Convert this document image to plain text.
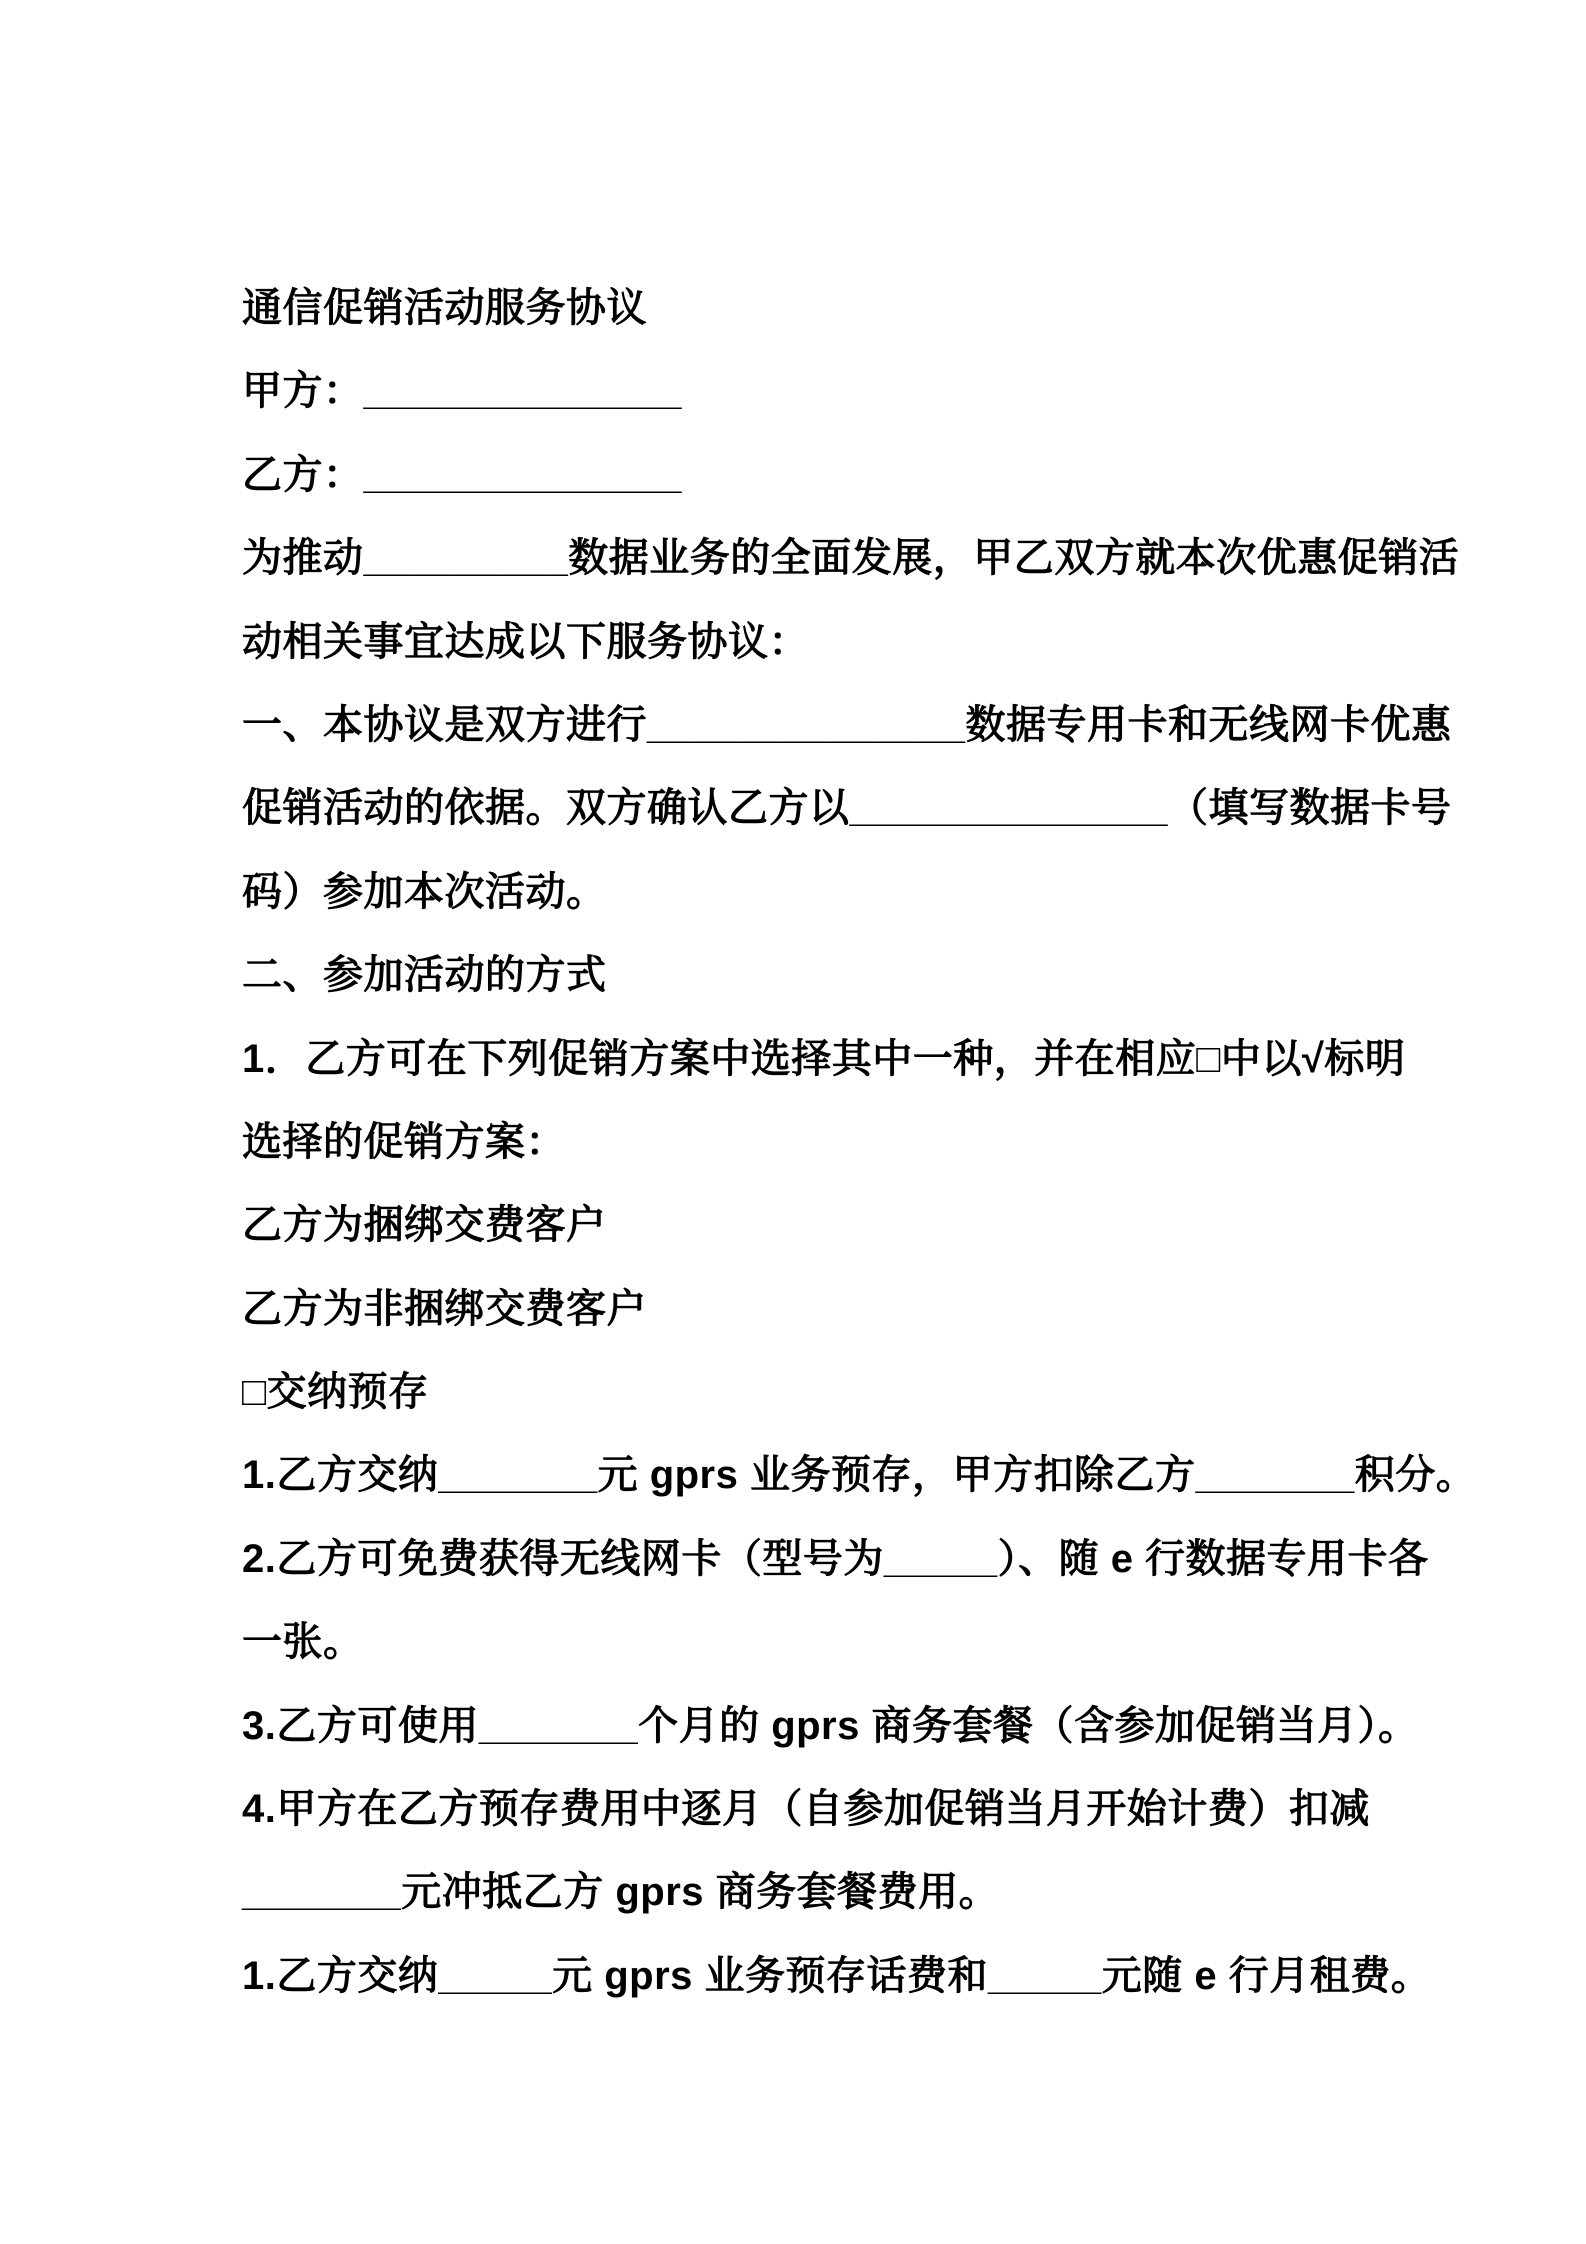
通信促销活动服务协议
甲方：______________
乙方：______________
为推动_________数据业务的全面发展，甲乙双方就本次优惠促销活
动相关事宜达成以下服务协议：
一、本协议是双方进行______________数据专用卡和无线网卡优惠
促销活动的依据。双方确认乙方以______________（填写数据卡号
码）参加本次活动。
二、参加活动的方式
1．乙方可在下列促销方案中选择其中一种，并在相应□中以√标明
选择的促销方案：
乙方为捆绑交费客户
乙方为非捆绑交费客户
□交纳预存
1.乙方交纳_______元 gprs 业务预存，甲方扣除乙方_______积分。
2.乙方可免费获得无线网卡（型号为_____）、随 e 行数据专用卡各
一张。
3.乙方可使用_______个月的 gprs 商务套餐（含参加促销当月）。
4.甲方在乙方预存费用中逐月（自参加促销当月开始计费）扣减
_______元冲抵乙方 gprs 商务套餐费用。
1.乙方交纳_____元 gprs 业务预存话费和_____元随 e 行月租费。
